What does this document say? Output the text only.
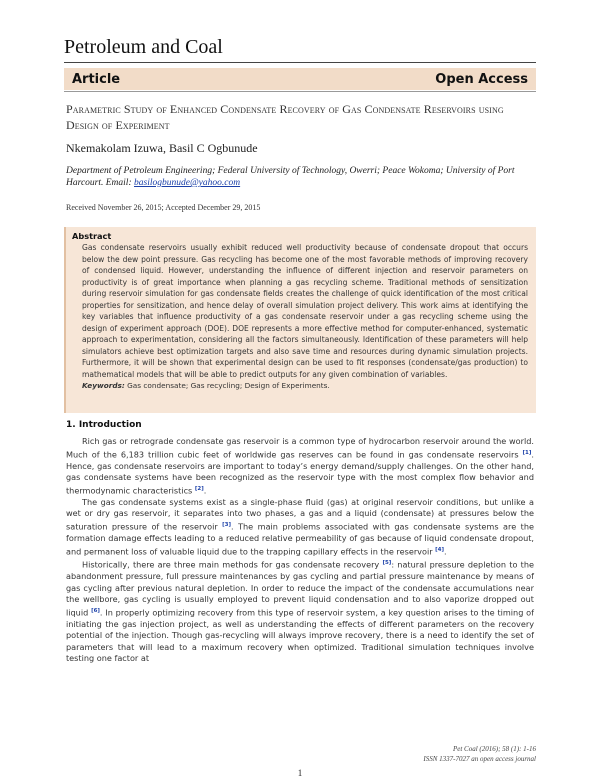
Petroleum and Coal
Article	Open Access
Parametric Study of Enhanced Condensate Recovery of Gas Condensate Reservoirs using Design of Experiment
Nkemakolam Izuwa, Basil C Ogbunude
Department of Petroleum Engineering; Federal University of Technology, Owerri; Peace Wokoma; University of Port Harcourt. Email: basilogbunude@yahoo.com
Received November 26, 2015; Accepted December 29, 2015
Abstract
Gas condensate reservoirs usually exhibit reduced well productivity because of condensate dropout that occurs below the dew point pressure. Gas recycling has become one of the most favorable methods of improving recovery of condensed liquid. However, understanding the influence of different injection and reservoir parameters on productivity is of great importance when planning a gas recycling scheme. Traditional methods of sensitization during reservoir simulation for gas condensate fields creates the challenge of quick identification of the most critical properties for sensitization, and hence delay of overall simulation project delivery. This work aims at identifying the key variables that influence productivity of a gas condensate reservoir under a gas recycling scheme using the design of experiment approach (DOE). DOE represents a more effective method for computer-enhanced, systematic approach to experimentation, considering all the factors simultaneously. Identification of these parameters will help simulators achieve best optimization targets and also save time and resources during dynamic simulation projects. Furthermore, it will be shown that experimental design can be used to fit responses (condensate/gas production) to mathematical models that will be able to predict outputs for any given combination of variables.
Keywords: Gas condensate; Gas recycling; Design of Experiments.
1. Introduction

Rich gas or retrograde condensate gas reservoir is a common type of hydrocarbon reservoir around the world. Much of the 6,183 trillion cubic feet of worldwide gas reserves can be found in gas condensate reservoirs [1]. Hence, gas condensate reservoirs are important to today’s energy demand/supply challenges. On the other hand, gas condensate systems have been recognized as the reservoir type with the most complex flow behavior and thermodynamic characteristics [2].

The gas condensate systems exist as a single-phase fluid (gas) at original reservoir conditions, but unlike a wet or dry gas reservoir, it separates into two phases, a gas and a liquid (condensate) at pressures below the saturation pressure of the reservoir [3]. The main problems associated with gas condensate systems are the formation damage effects leading to a reduced relative permeability of gas because of liquid condensate dropout, and permanent loss of valuable liquid due to the trapping capillary effects in the reservoir [4].

Historically, there are three main methods for gas condensate recovery [5]: natural pressure depletion to the abandonment pressure, full pressure maintenances by gas cycling and partial pressure maintenance by means of gas cycling after previous natural depletion. In order to reduce the impact of the condensate accumulations near the wellbore, gas cycling is usually employed to prevent liquid condensation and to also vaporize dropped out liquid [6]. In properly optimizing recovery from this type of reservoir system, a key question arises to the timing of initiating the gas injection project, as well as understanding the effects of different parameters on the recovery potential of the injection. Though gas-recycling will always improve recovery, there is a need to identify the set of parameters that will lead to a maximum recovery when optimized. Traditional simulation techniques involve testing one factor at

Pet Coal (2016); 58 (1): 1-16
ISSN 1337-7027 an open access journal
1
